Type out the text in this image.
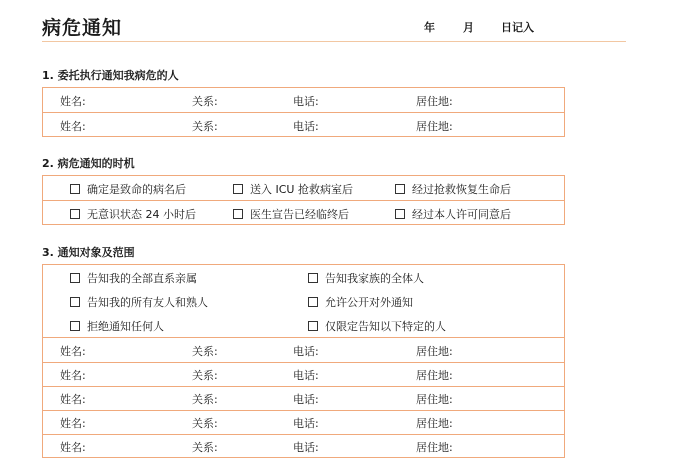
病危通知	年	月 日记入
1. 委托执行通知我病危的人
姓名:	关系:	电话:	居住地:
姓名:	关系:	电话:	居住地:
2. 病危通知的时机
确定是致命的病名后	送入 ICU 抢救病室后	经过抢救恢复生命后
无意识状态 24 小时后	医生宣告已经临终后	经过本人许可同意后
3. 通知对象及范围
告知我的全部直系亲属	告知我家族的全体人
告知我的所有友人和熟人	允许公开对外通知
拒绝通知任何人	仅限定告知以下特定的人
姓名:	关系:	电话:	居住地:
姓名:	关系:	电话:	居住地:
姓名:	关系:	电话:	居住地:
姓名:	关系:	电话:	居住地:
姓名:	关系:	电话:	居住地:
